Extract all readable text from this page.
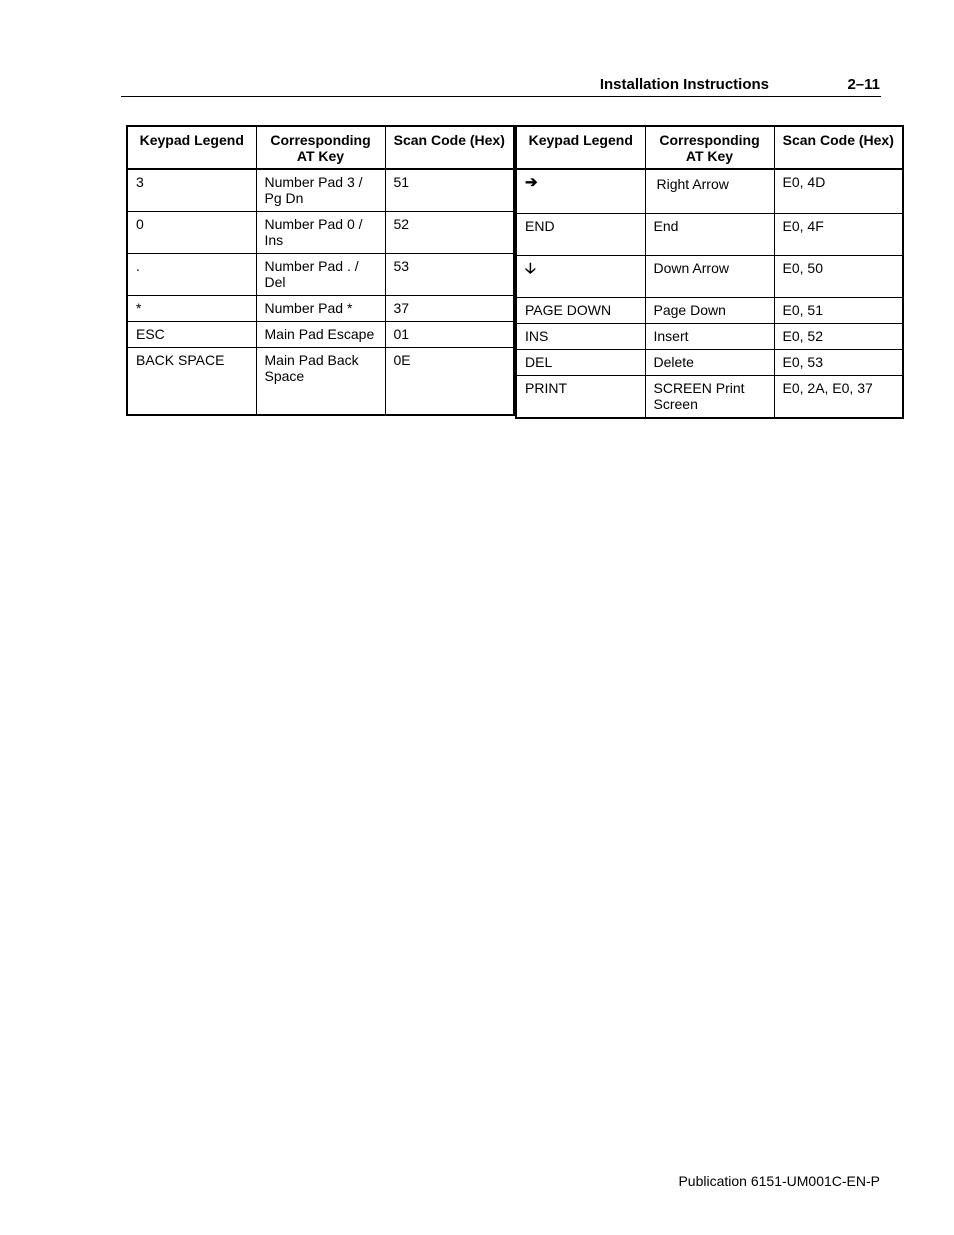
Installation Instructions	2–11
Keypad Legend	Corresponding AT Key	Scan Code (Hex)
3	Number Pad 3 / Pg Dn	51
0	Number Pad 0 / Ins	52
.	Number Pad . / Del	53
*	Number Pad *	37
ESC	Main Pad Escape	01
BACK SPACE	Main Pad Back Space	0E
Keypad Legend	Corresponding AT Key	Scan Code (Hex)
➔	Right Arrow	E0, 4D
END	End	E0, 4F
🡣	Down Arrow	E0, 50
PAGE DOWN	Page Down	E0, 51
INS	Insert	E0, 52
DEL	Delete	E0, 53
PRINT	SCREEN Print Screen	E0, 2A, E0, 37
Publication 6151-UM001C-EN-P
